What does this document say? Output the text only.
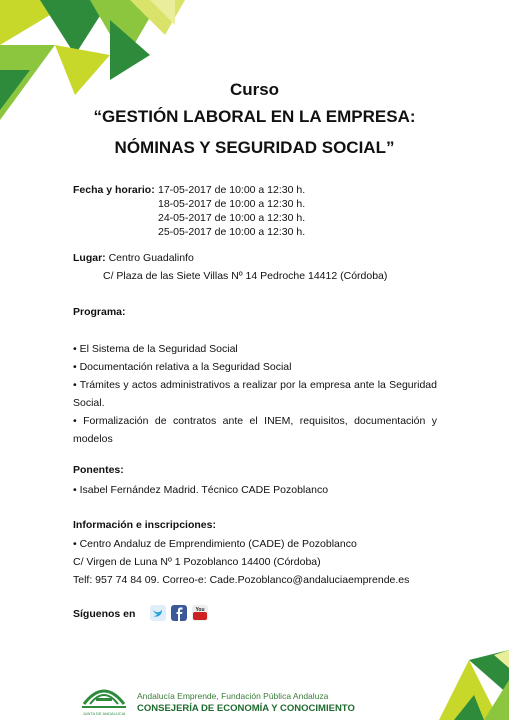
Curso
“GESTIÓN LABORAL EN LA EMPRESA:
NÓMINAS Y SEGURIDAD SOCIAL”
Fecha y horario: 17-05-2017 de 10:00 a 12:30 h.
18-05-2017 de 10:00 a 12:30 h.
24-05-2017 de 10:00 a 12:30 h.
25-05-2017 de 10:00 a 12:30 h.
Lugar: Centro Guadalinfo
C/ Plaza de las Siete Villas Nº 14 Pedroche 14412 (Córdoba)
Programa:
• El Sistema de la Seguridad Social
• Documentación relativa a la Seguridad Social
• Trámites y actos administrativos a realizar por la empresa ante la Seguridad Social.
• Formalización de contratos ante el INEM, requisitos, documentación y modelos
Ponentes:
• Isabel Fernández Madrid. Técnico CADE Pozoblanco
Información e inscripciones:
• Centro Andaluz de Emprendimiento (CADE) de Pozoblanco
C/ Virgen de Luna Nº 1 Pozoblanco 14400 (Córdoba)
Telf: 957 74 84 09. Correo-e: Cade.Pozoblanco@andaluciaemprende.es
Síguenos en	You
JUNTA DE ANDALUCIA
Andalucía Emprende, Fundación Pública Andaluza
CONSEJERÍA DE ECONOMÍA Y CONOCIMIENTO
